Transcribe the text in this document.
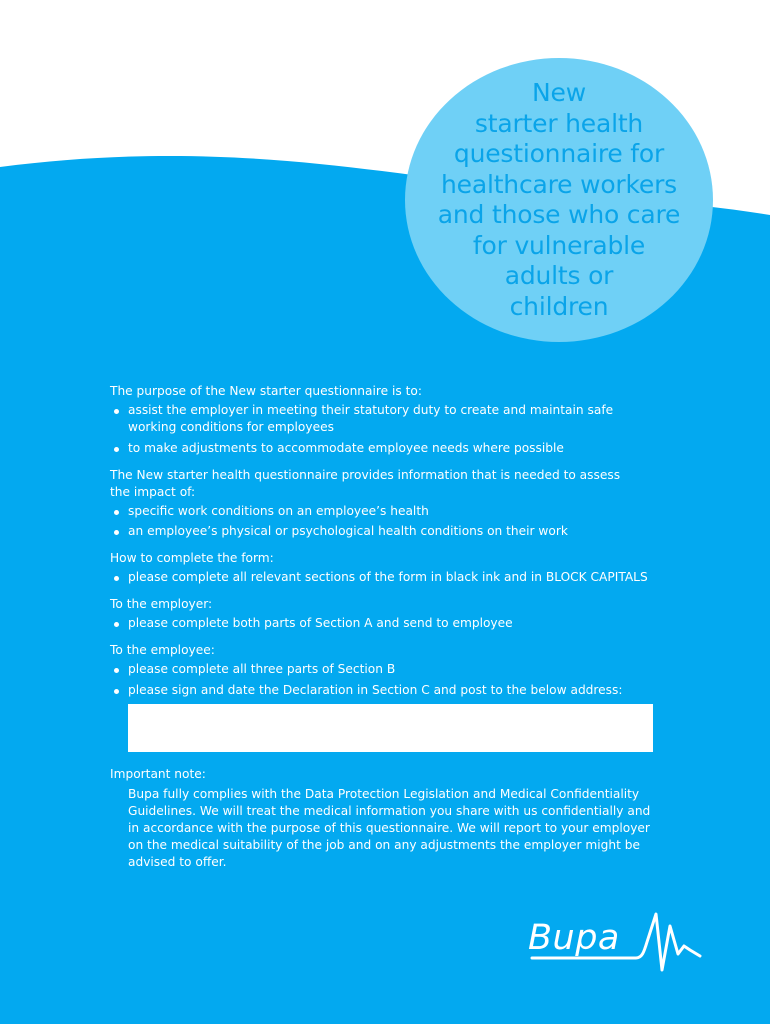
New
starter health
questionnaire for
healthcare workers
and those who care
for vulnerable
adults or
children

The purpose of the New starter questionnaire is to:

assist the employer in meeting their statutory duty to create and maintain safe
working conditions for employees
to make adjustments to accommodate employee needs where possible

The New starter health questionnaire provides information that is needed to assess
the impact of:

specific work conditions on an employee’s health
an employee’s physical or psychological health conditions on their work

How to complete the form:

please complete all relevant sections of the form in black ink and in BLOCK CAPITALS

To the employer:

please complete both parts of Section A and send to employee

To the employee:

please complete all three parts of Section B
please sign and date the Declaration in Section C and post to the below address:

Important note:

Bupa fully complies with the Data Protection Legislation and Medical Confidentiality
Guidelines. We will treat the medical information you share with us confidentially and
in accordance with the purpose of this questionnaire. We will report to your employer
on the medical suitability of the job and on any adjustments the employer might be
advised to offer.

Bupa
